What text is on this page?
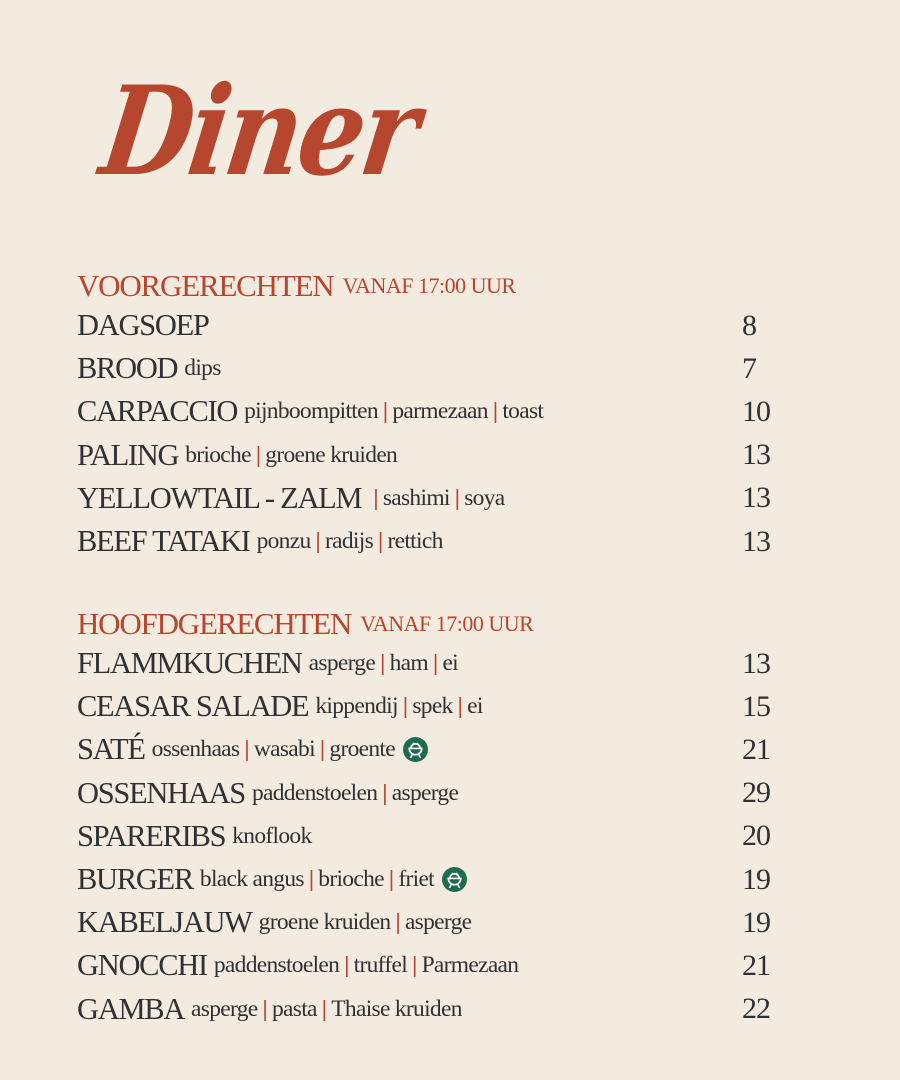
Diner
VOORGERECHTEN VANAF 17:00 UUR
DAGSOEP	8
BROOD dips	7
CARPACCIO pijnboompitten | parmezaan | toast	10
PALING brioche | groene kruiden	13
YELLOWTAIL - ZALM | sashimi | soya	13
BEEF TATAKI ponzu | radijs | rettich	13
HOOFDGERECHTEN VANAF 17:00 UUR
FLAMMKUCHEN asperge | ham | ei	13
CEASAR SALADE kippendij | spek | ei	15
SATÉ ossenhaas | wasabi | groente	21
OSSENHAAS paddenstoelen | asperge	29
SPARERIBS knoflook	20
BURGER black angus | brioche | friet	19
KABELJAUW groene kruiden | asperge	19
GNOCCHI paddenstoelen | truffel | Parmezaan	21
GAMBA asperge | pasta | Thaise kruiden	22
